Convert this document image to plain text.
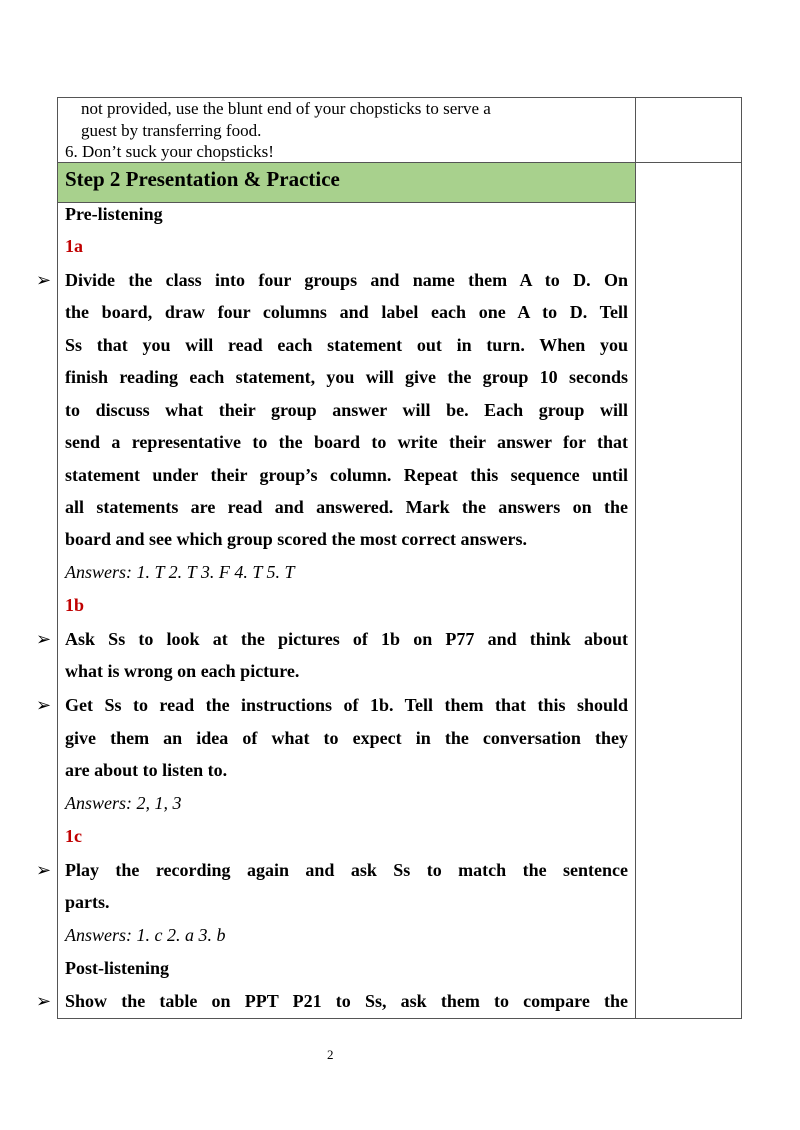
Step 2 Presentation & Practice
not provided, use the blunt end of your chopsticks to serve a
guest by transferring food.
6. Don’t suck your chopsticks!
Pre-listening
1a
➢ Divide the class into four groups and name them A to D. On
the board, draw four columns and label each one A to D. Tell
Ss that you will read each statement out in turn. When you
finish reading each statement, you will give the group 10 seconds
to discuss what their group answer will be. Each group will
send a representative to the board to write their answer for that
statement under their group’s column. Repeat this sequence until
all statements are read and answered. Mark the answers on the
board and see which group scored the most correct answers.
Answers: 1. T 2. T 3. F 4. T 5. T
1b
➢ Ask Ss to look at the pictures of 1b on P77 and think about
what is wrong on each picture.
➢ Get Ss to read the instructions of 1b. Tell them that this should
give them an idea of what to expect in the conversation they
are about to listen to.
Answers: 2, 1, 3
1c
➢ Play the recording again and ask Ss to match the sentence
parts.
Answers: 1. c 2. a 3. b
Post-listening
➢ Show the table on PPT P21 to Ss, ask them to compare the
2
